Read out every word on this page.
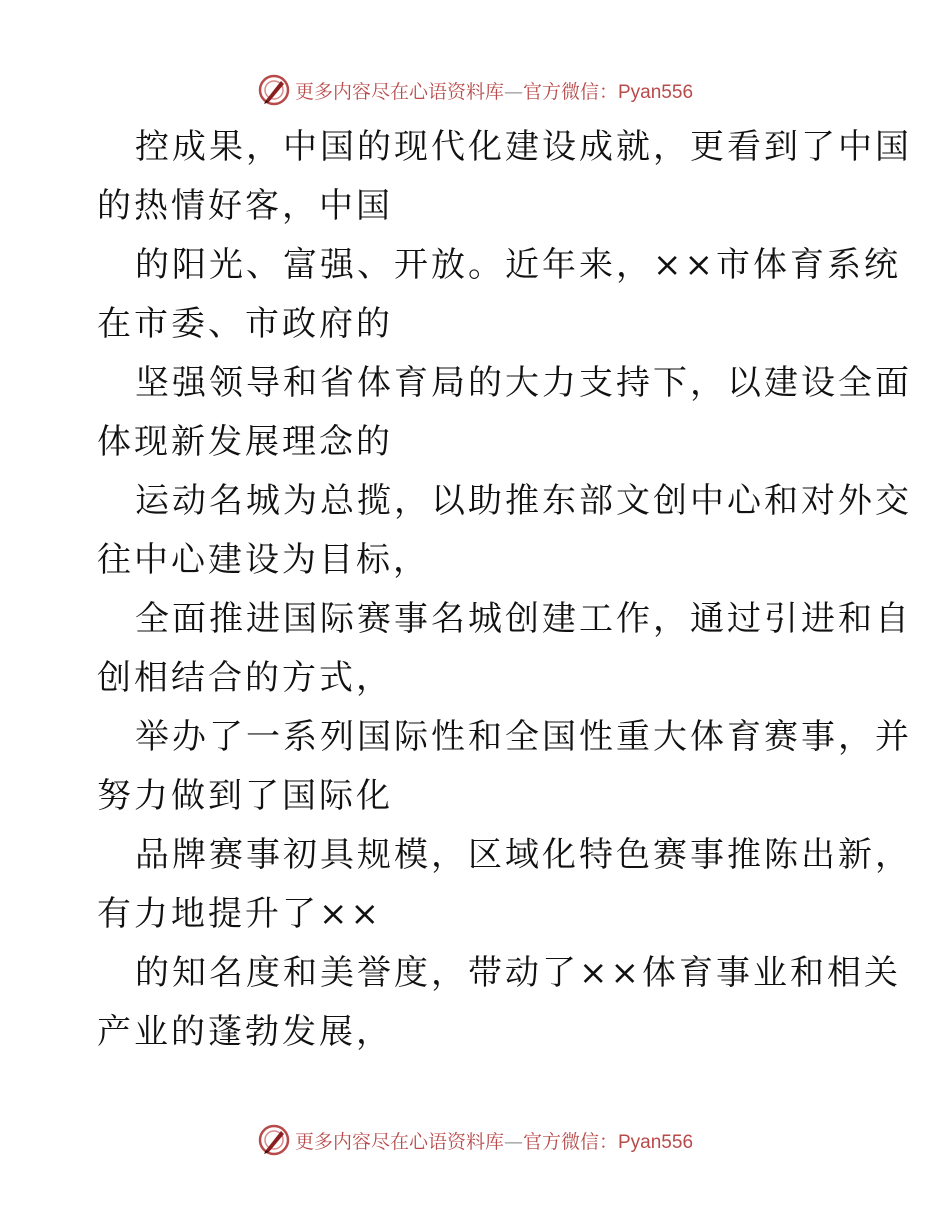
更多内容尽在心语资料库—官方微信：Pyan556
控成果，中国的现代化建设成就，更看到了中国
的热情好客，中国
的阳光、富强、开放。近年来，××市体育系统
在市委、市政府的
坚强领导和省体育局的大力支持下，以建设全面
体现新发展理念的
运动名城为总揽，以助推东部文创中心和对外交
往中心建设为目标，
全面推进国际赛事名城创建工作，通过引进和自
创相结合的方式，
举办了一系列国际性和全国性重大体育赛事，并
努力做到了国际化
品牌赛事初具规模，区域化特色赛事推陈出新，
有力地提升了××
的知名度和美誉度，带动了××体育事业和相关
产业的蓬勃发展，
更多内容尽在心语资料库—官方微信：Pyan556
